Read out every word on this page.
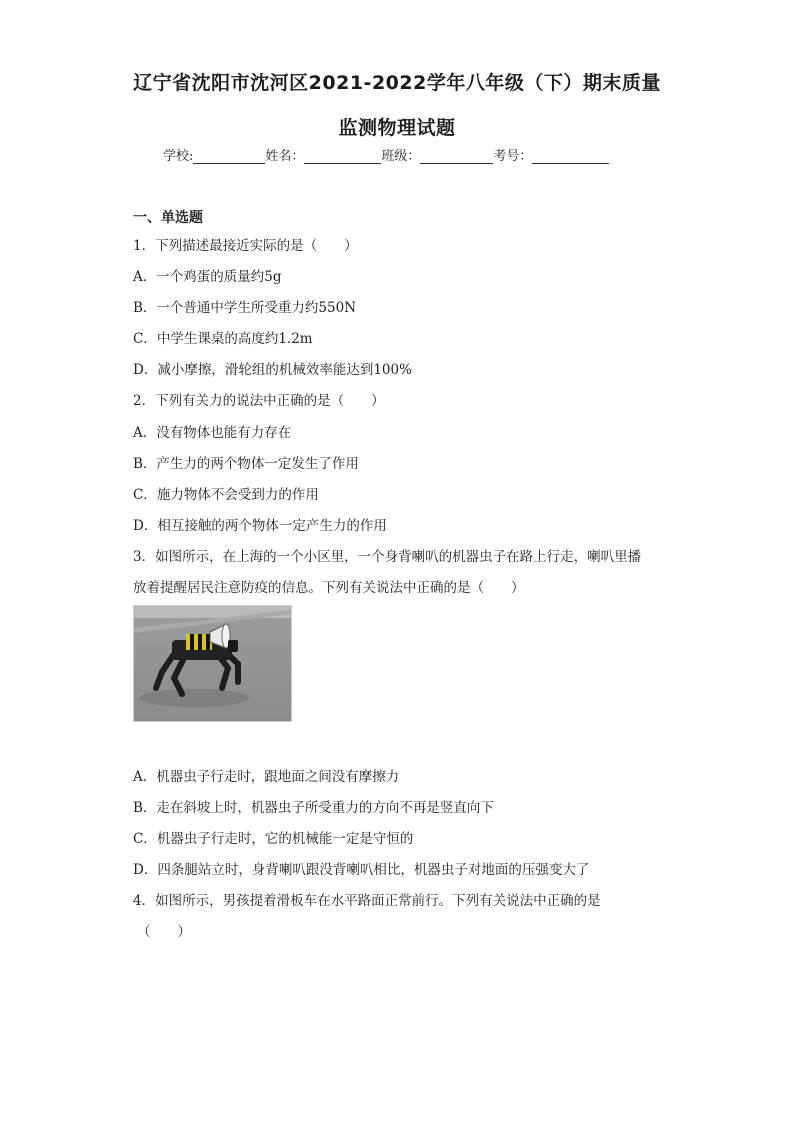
辽宁省沈阳市沈河区2021-2022学年八年级（下）期末质量
监测物理试题
学校:	姓名：	班级：	考号：
一、单选题
1．下列描述最接近实际的是（　　）
A．一个鸡蛋的质量约5g
B．一个普通中学生所受重力约550N
C．中学生课桌的高度约1.2m
D．减小摩擦，滑轮组的机械效率能达到100%
2．下列有关力的说法中正确的是（　　）
A．没有物体也能有力存在
B．产生力的两个物体一定发生了作用
C．施力物体不会受到力的作用
D．相互接触的两个物体一定产生力的作用
3．如图所示，在上海的一个小区里，一个身背喇叭的机器虫子在路上行走，喇叭里播
放着提醒居民注意防疫的信息。下列有关说法中正确的是（　　）
A．机器虫子行走时，跟地面之间没有摩擦力
B．走在斜坡上时，机器虫子所受重力的方向不再是竖直向下
C．机器虫子行走时，它的机械能一定是守恒的
D．四条腿站立时，身背喇叭跟没背喇叭相比，机器虫子对地面的压强变大了
4．如图所示，男孩提着滑板车在水平路面正常前行。下列有关说法中正确的是
（　　）
